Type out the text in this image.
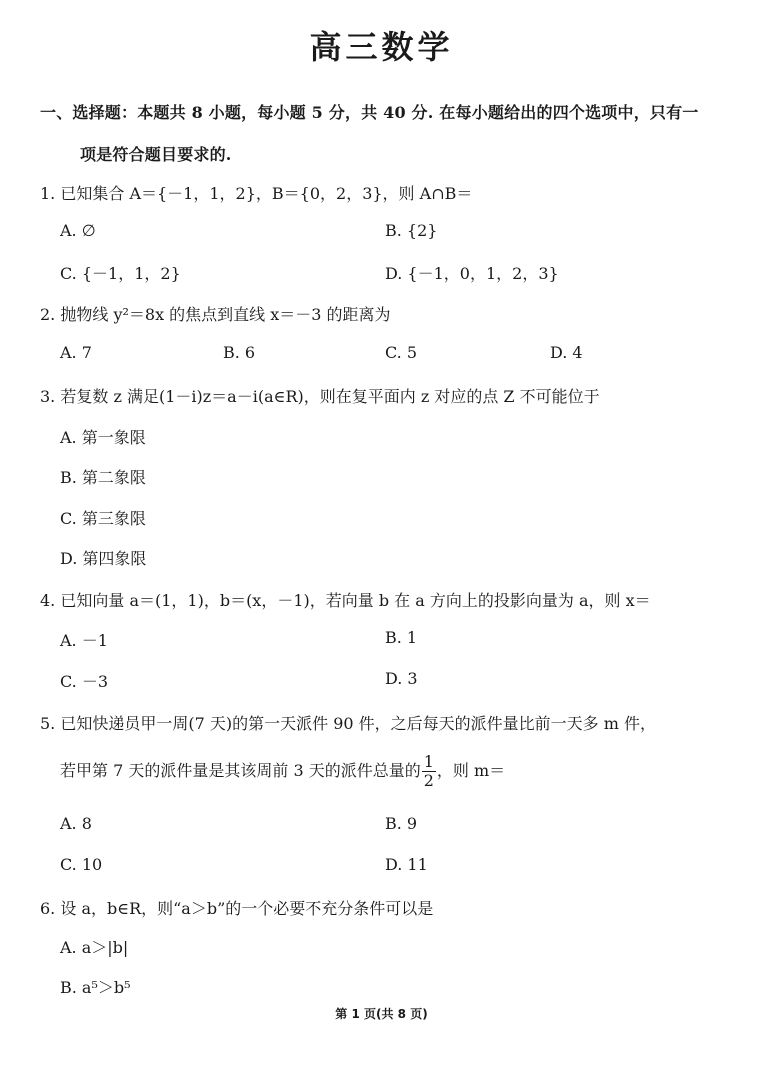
高三数学
一、选择题：本题共 8 小题，每小题 5 分，共 40 分. 在每小题给出的四个选项中，只有一
项是符合题目要求的.
1. 已知集合 A＝{－1，1，2}，B＝{0，2，3}，则 A∩B＝
A. ∅	B. {2}
C. {－1，1，2}	D. {－1，0，1，2，3}
2. 抛物线 y²＝8x 的焦点到直线 x＝－3 的距离为
A. 7	B. 6	C. 5	D. 4
3. 若复数 z 满足(1－i)z＝a－i(a∈R)，则在复平面内 z 对应的点 Z 不可能位于
A. 第一象限
B. 第二象限
C. 第三象限
D. 第四象限
4. 已知向量 a＝(1，1)，b＝(x，－1)，若向量 b 在 a 方向上的投影向量为 a，则 x＝
A. －1	B. 1
C. －3	D. 3
5. 已知快递员甲一周(7 天)的第一天派件 90 件，之后每天的派件量比前一天多 m 件，
若甲第 7 天的派件量是其该周前 3 天的派件总量的 $\frac{1}{2}$ ，则 m＝
A. 8	B. 9
C. 10	D. 11
6. 设 a，b∈R，则“a＞b”的一个必要不充分条件可以是
A. a＞|b|
B. a⁵＞b⁵
第 1 页(共 8 页)
